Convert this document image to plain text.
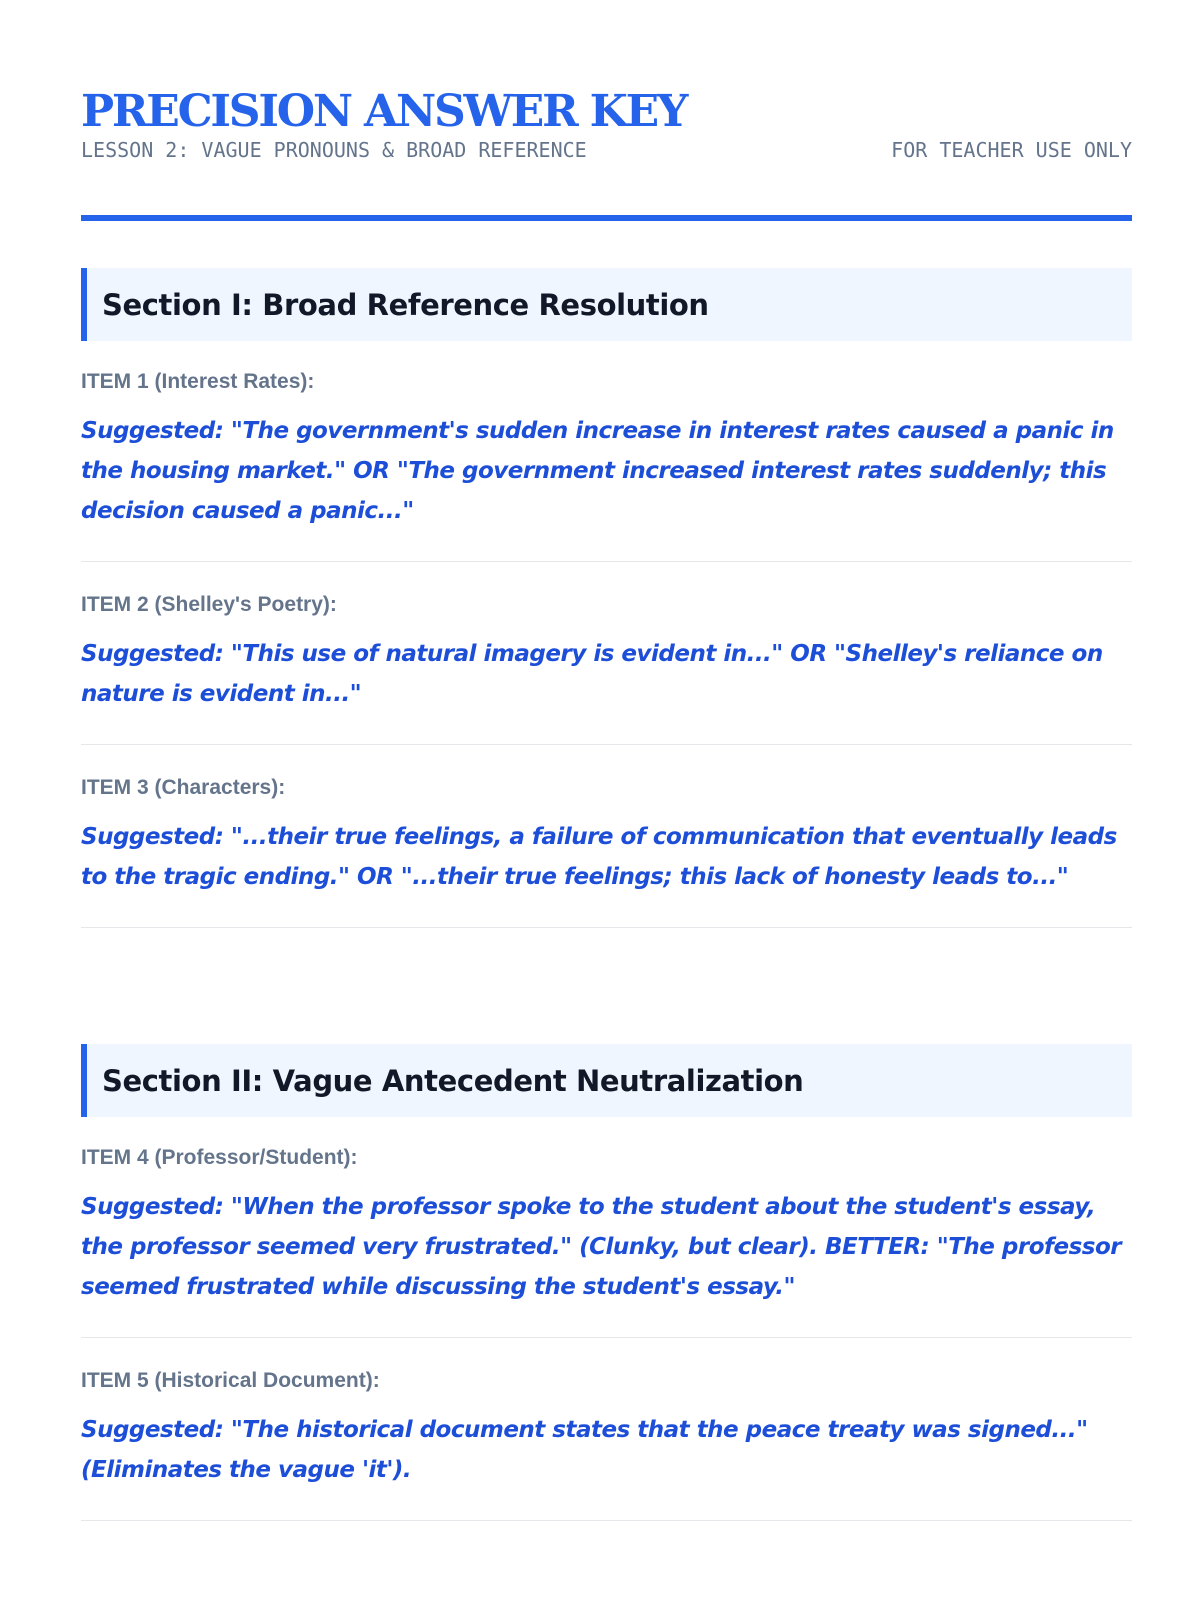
PRECISION ANSWER KEY
LESSON 2: VAGUE PRONOUNS & BROAD REFERENCE	FOR TEACHER USE ONLY
Section I: Broad Reference Resolution

ITEM 1 (Interest Rates):

Suggested: "The government's sudden increase in interest rates caused a panic in the housing market." OR "The government increased interest rates suddenly; this decision caused a panic..."

ITEM 2 (Shelley's Poetry):

Suggested: "This use of natural imagery is evident in..." OR "Shelley's reliance on nature is evident in..."

ITEM 3 (Characters):

Suggested: "...their true feelings, a failure of communication that eventually leads to the tragic ending." OR "...their true feelings; this lack of honesty leads to..."

Section II: Vague Antecedent Neutralization

ITEM 4 (Professor/Student):

Suggested: "When the professor spoke to the student about the student's essay, the professor seemed very frustrated." (Clunky, but clear). BETTER: "The professor seemed frustrated while discussing the student's essay."

ITEM 5 (Historical Document):

Suggested: "The historical document states that the peace treaty was signed..." (Eliminates the vague 'it').
